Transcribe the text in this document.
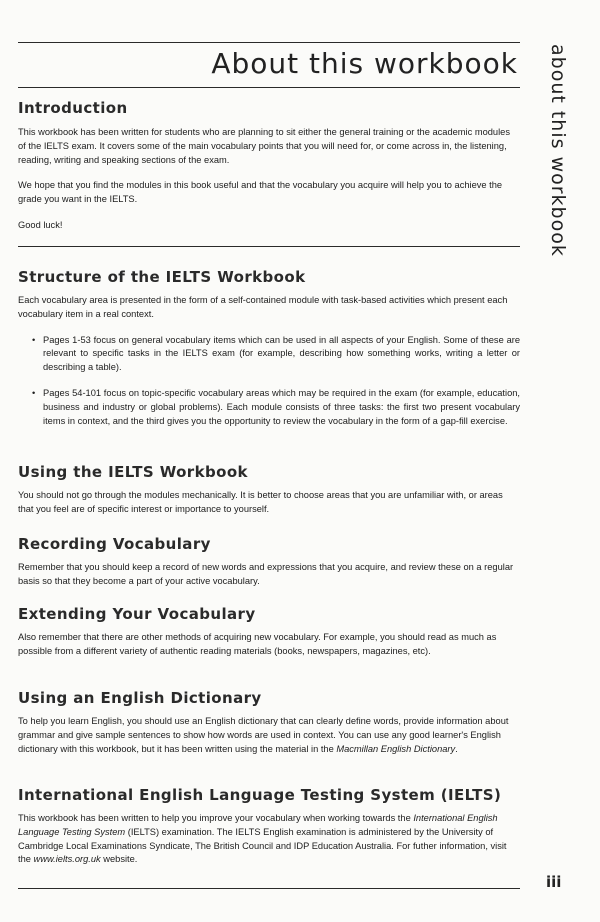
About this workbook about this workbook
Introduction

This workbook has been written for students who are planning to sit either the general training or the academic modules of the IELTS exam. It covers some of the main vocabulary points that you will need for, or come across in, the listening, reading, writing and speaking sections of the exam.

We hope that you find the modules in this book useful and that the vocabulary you acquire will help you to achieve the grade you want in the IELTS.

Good luck!

Structure of the IELTS Workbook

Each vocabulary area is presented in the form of a self-contained module with task-based activities which present each vocabulary item in a real context.

• Pages 1-53 focus on general vocabulary items which can be used in all aspects of your English. Some of these are relevant to specific tasks in the IELTS exam (for example, describing how something works, writing a letter or describing a table).
• Pages 54-101 focus on topic-specific vocabulary areas which may be required in the exam (for example, education, business and industry or global problems). Each module consists of three tasks: the first two present vocabulary items in context, and the third gives you the opportunity to review the vocabulary in the form of a gap-fill exercise.
Using the IELTS Workbook

You should not go through the modules mechanically. It is better to choose areas that you are unfamiliar with, or areas that you feel are of specific interest or importance to yourself.

Recording Vocabulary

Remember that you should keep a record of new words and expressions that you acquire, and review these on a regular basis so that they become a part of your active vocabulary.

Extending Your Vocabulary

Also remember that there are other methods of acquiring new vocabulary. For example, you should read as much as possible from a different variety of authentic reading materials (books, newspapers, magazines, etc).

Using an English Dictionary

To help you learn English, you should use an English dictionary that can clearly define words, provide information about grammar and give sample sentences to show how words are used in context. You can use any good learner's English dictionary with this workbook, but it has been written using the material in the Macmillan English Dictionary.

International English Language Testing System (IELTS)

This workbook has been written to help you improve your vocabulary when working towards the International English Language Testing System (IELTS) examination. The IELTS English examination is administered by the University of Cambridge Local Examinations Syndicate, The British Council and IDP Education Australia. For futher information, visit the www.ielts.org.uk website.

iii
